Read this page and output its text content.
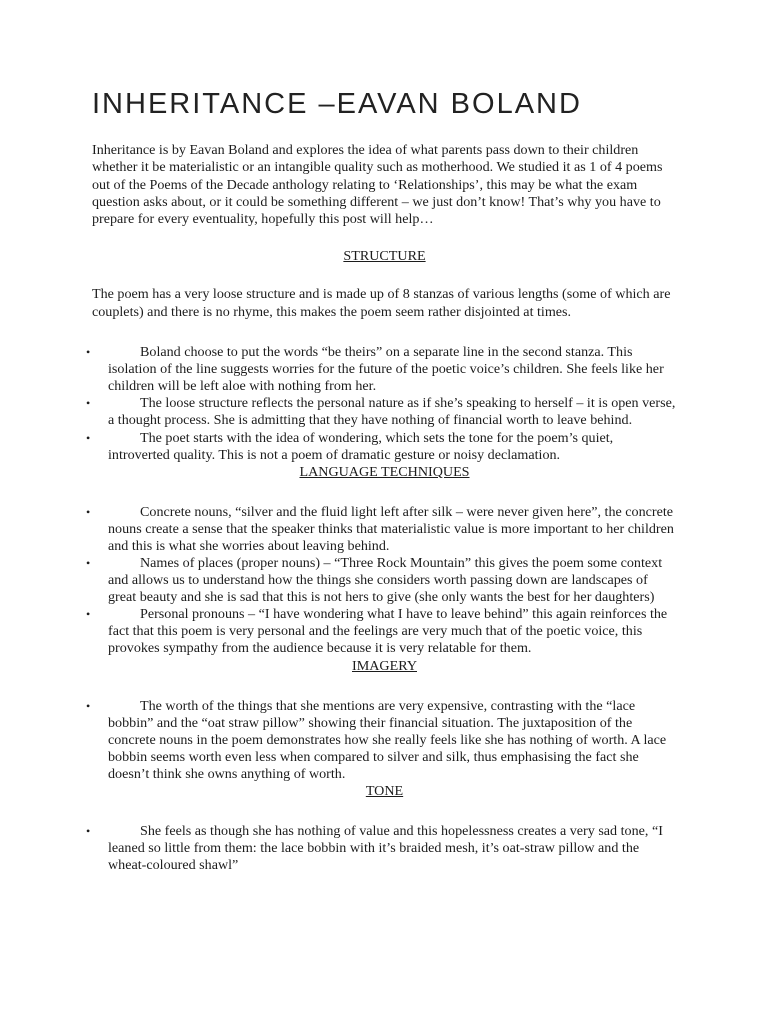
INHERITANCE –EAVAN BOLAND

Inheritance is by Eavan Boland and explores the idea of what parents pass down to their children whether it be materialistic or an intangible quality such as motherhood. We studied it as 1 of 4 poems out of the Poems of the Decade anthology relating to ‘Relationships’, this may be what the exam question asks about, or it could be something different – we just don’t know! That’s why you have to prepare for every eventuality, hopefully this post will help…

STRUCTURE

The poem has a very loose structure and is made up of 8 stanzas of various lengths (some of which are couplets) and there is no rhyme, this makes the poem seem rather disjointed at times.

•	Boland choose to put the words “be theirs” on a separate line in the second stanza. This isolation of the line suggests worries for the future of the poetic voice’s children. She feels like her children will be left aloe with nothing from her.
•	The loose structure reflects the personal nature as if she’s speaking to herself – it is open verse, a thought process. She is admitting that they have nothing of financial worth to leave behind.
•	The poet starts with the idea of wondering, which sets the tone for the poem’s quiet, introverted quality. This is not a poem of dramatic gesture or noisy declamation.

LANGUAGE TECHNIQUES

•	Concrete nouns, “silver and the fluid light left after silk – were never given here”, the concrete nouns create a sense that the speaker thinks that materialistic value is more important to her children and this is what she worries about leaving behind.
•	Names of places (proper nouns) – “Three Rock Mountain” this gives the poem some context and allows us to understand how the things she considers worth passing down are landscapes of great beauty and she is sad that this is not hers to give (she only wants the best for her daughters)
•	Personal pronouns – “I have wondering what I have to leave behind” this again reinforces the fact that this poem is very personal and the feelings are very much that of the poetic voice, this provokes sympathy from the audience because it is very relatable for them.

IMAGERY

•	The worth of the things that she mentions are very expensive, contrasting with the “lace bobbin” and the “oat straw pillow” showing their financial situation. The juxtaposition of the concrete nouns in the poem demonstrates how she really feels like she has nothing of worth. A lace bobbin seems worth even less when compared to silver and silk, thus emphasising the fact she doesn’t think she owns anything of worth.

TONE

•	She feels as though she has nothing of value and this hopelessness creates a very sad tone, “I leaned so little from them: the lace bobbin with it’s braided mesh, it’s oat-straw pillow and the wheat-coloured shawl”
